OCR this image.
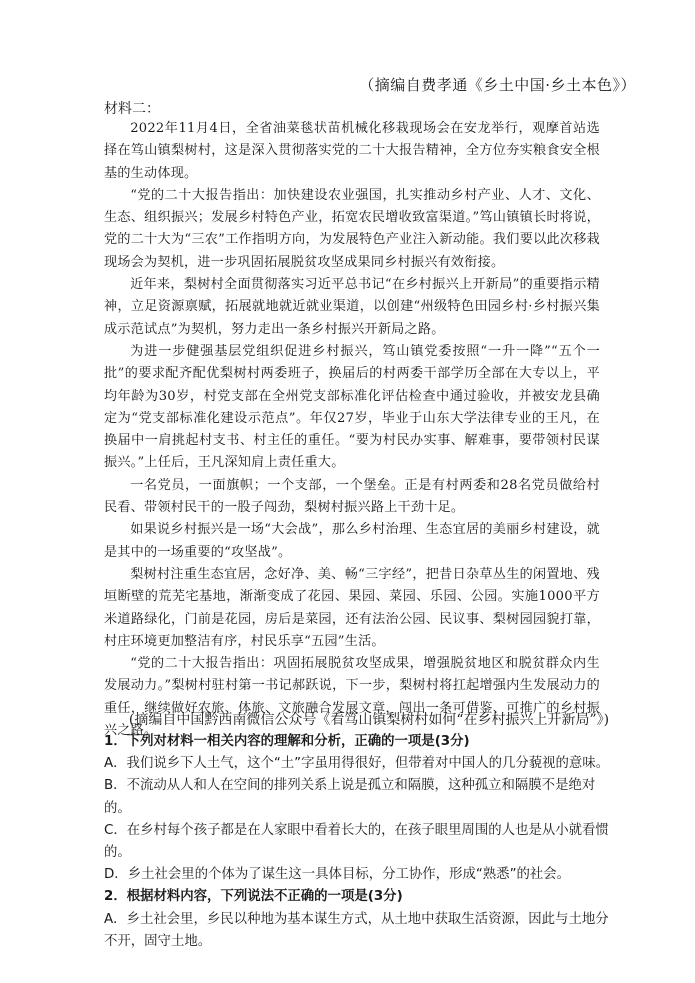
（摘编自费孝通《乡土中国·乡土本色》）
材料二：

2022年11月4日，全省油菜毯状苗机械化移栽现场会在安龙举行，观摩首站选择在笃山镇梨树村，这是深入贯彻落实党的二十大报告精神，全方位夯实粮食安全根基的生动体现。

“党的二十大报告指出：加快建设农业强国，扎实推动乡村产业、人才、文化、生态、组织振兴；发展乡村特色产业，拓宽农民增收致富渠道。”笃山镇镇长时将说，党的二十大为“三农”工作指明方向，为发展特色产业注入新动能。我们要以此次移栽现场会为契机，进一步巩固拓展脱贫攻坚成果同乡村振兴有效衔接。

近年来，梨树村全面贯彻落实习近平总书记“在乡村振兴上开新局”的重要指示精神，立足资源禀赋，拓展就地就近就业渠道，以创建“州级特色田园乡村·乡村振兴集成示范试点”为契机，努力走出一条乡村振兴开新局之路。

为进一步健强基层党组织促进乡村振兴，笃山镇党委按照“一升一降”“五个一批”的要求配齐配优梨树村两委班子，换届后的村两委干部学历全部在大专以上，平均年龄为30岁，村党支部在全州党支部标准化评估检查中通过验收，并被安龙县确定为“党支部标准化建设示范点”。年仅27岁，毕业于山东大学法律专业的王凡，在换届中一肩挑起村支书、村主任的重任。“要为村民办实事、解难事，要带领村民谋振兴。”上任后，王凡深知肩上责任重大。

一名党员，一面旗帜；一个支部，一个堡垒。正是有村两委和28名党员做给村民看、带领村民干的一股子闯劲，梨树村振兴路上干劲十足。

如果说乡村振兴是一场“大会战”，那么乡村治理、生态宜居的美丽乡村建设，就是其中的一场重要的“攻坚战”。

梨树村注重生态宜居，念好净、美、畅“三字经”，把昔日杂草丛生的闲置地、残垣断壁的荒芜宅基地，渐渐变成了花园、果园、菜园、乐园、公园。实施1000平方米道路绿化，门前是花园，房后是菜园，还有法治公园、民议事、梨树园园貌打靠，村庄环境更加整洁有序，村民乐享“五园”生活。

“党的二十大报告指出：巩固拓展脱贫攻坚成果，增强脱贫地区和脱贫群众内生发展动力。”梨树村驻村第一书记郝跃说，下一步，梨树村将扛起增强内生发展动力的重任，继续做好农旅、体旅、文旅融合发展文章，闯出一条可借鉴、可推广的乡村振兴之路。

(摘编自中国黔西南微信公众号《看笃山镇梨树村如何“在乡村振兴上开新局”》)
1．下列对材料一相关内容的理解和分析，正确的一项是(3分)
A．我们说乡下人土气，这个“土”字虽用得很好，但带着对中国人的几分藐视的意味。
B．不流动从人和人在空间的排列关系上说是孤立和隔膜，这种孤立和隔膜不是绝对的。
C．在乡村每个孩子都是在人家眼中看着长大的，在孩子眼里周围的人也是从小就看惯的。
D．乡土社会里的个体为了谋生这一具体目标，分工协作，形成“熟悉”的社会。
2．根据材料内容，下列说法不正确的一项是(3分)
A．乡土社会里，乡民以种地为基本谋生方式，从土地中获取生活资源，因此与土地分不开，固守土地。
